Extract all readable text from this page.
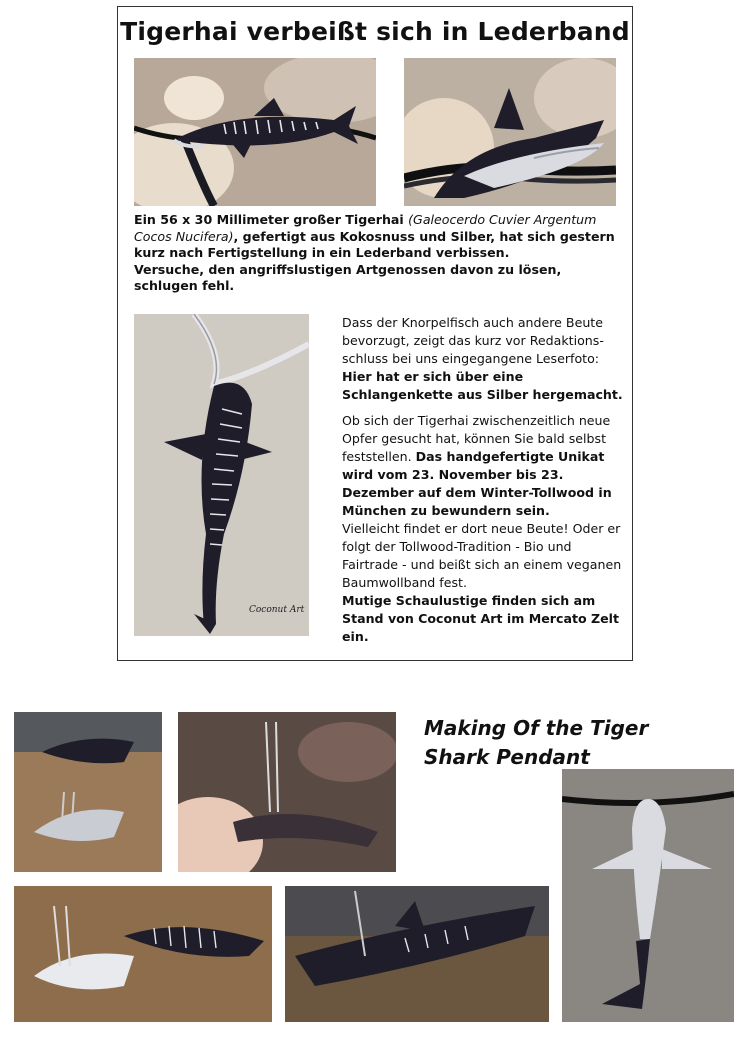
Tigerhai verbeißt sich in Lederband

Ein 56 x 30 Millimeter großer Tigerhai (Galeocerdo Cuvier Argentum Cocos Nucifera), gefertigt aus Kokosnuss und Silber, hat sich gestern kurz nach Fertigstellung in ein Lederband verbissen.

Versuche, den angriffslustigen Artgenossen davon zu lösen, schlugen fehl.

Coconut Art

Dass der Knorpelfisch auch andere Beute bevorzugt, zeigt das kurz vor Redaktions-schluss bei uns eingegangene Leserfoto:
Hier hat er sich über eine Schlangenkette aus Silber hergemacht.

Ob sich der Tigerhai zwischenzeitlich neue Opfer gesucht hat, können Sie bald selbst feststellen. Das handgefertigte Unikat wird vom 23. November bis 23. Dezember auf dem Winter-Tollwood in München zu bewundern sein.

Vielleicht findet er dort neue Beute! Oder er folgt der Tollwood-Tradition - Bio und Fairtrade - und beißt sich an einem veganen Baumwollband fest.

Mutige Schaulustige finden sich am Stand von Coconut Art im Mercato Zelt ein.

Making Of the Tiger Shark Pendant
